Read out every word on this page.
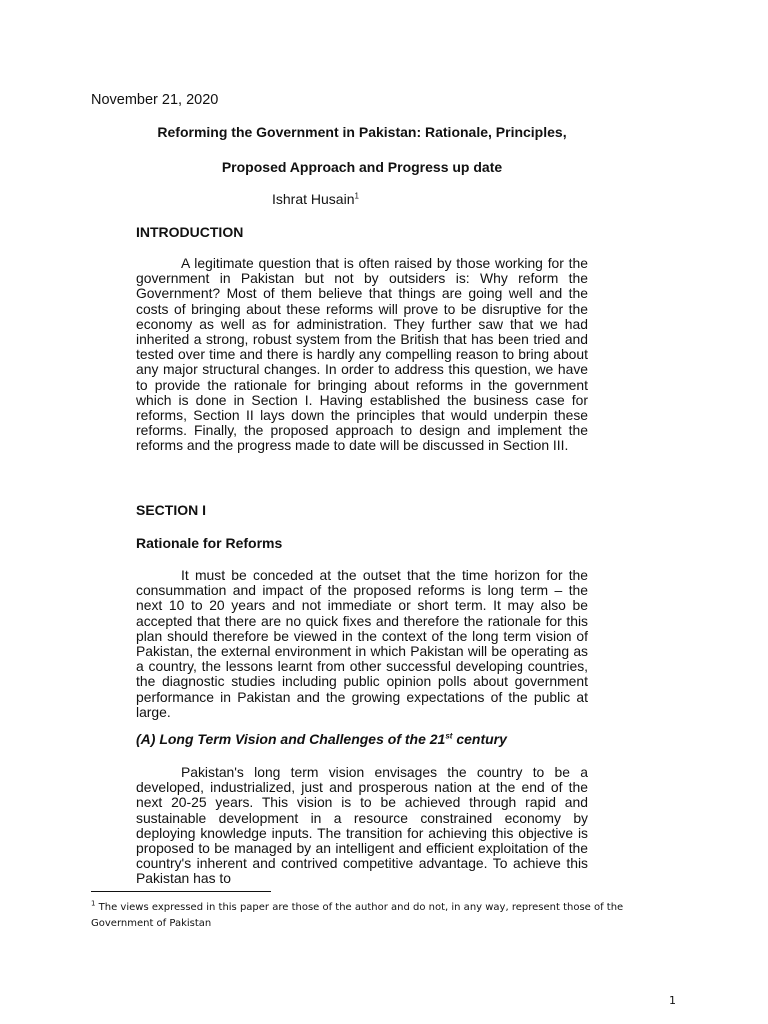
November 21, 2020
Reforming the Government in Pakistan: Rationale, Principles,
Proposed Approach and Progress up date
Ishrat Husain$^1$
INTRODUCTION

A legitimate question that is often raised by those working for the government in Pakistan but not by outsiders is: Why reform the Government? Most of them believe that things are going well and the costs of bringing about these reforms will prove to be disruptive for the economy as well as for administration. They further saw that we had inherited a strong, robust system from the British that has been tried and tested over time and there is hardly any compelling reason to bring about any major structural changes. In order to address this question, we have to provide the rationale for bringing about reforms in the government which is done in Section I. Having established the business case for reforms, Section II lays down the principles that would underpin these reforms. Finally, the proposed approach to design and implement the reforms and the progress made to date will be discussed in Section III.

SECTION I
Rationale for Reforms

It must be conceded at the outset that the time horizon for the consummation and impact of the proposed reforms is long term – the next 10 to 20 years and not immediate or short term. It may also be accepted that there are no quick fixes and therefore the rationale for this plan should therefore be viewed in the context of the long term vision of Pakistan, the external environment in which Pakistan will be operating as a country, the lessons learnt from other successful developing countries, the diagnostic studies including public opinion polls about government performance in Pakistan and the growing expectations of the public at large.

(A) Long Term Vision and Challenges of the 21st century

Pakistan's long term vision envisages the country to be a developed, industrialized, just and prosperous nation at the end of the next 20-25 years. This vision is to be achieved through rapid and sustainable development in a resource constrained economy by deploying knowledge inputs. The transition for achieving this objective is proposed to be managed by an intelligent and efficient exploitation of the country's inherent and contrived competitive advantage. To achieve this Pakistan has to

$^1$ The views expressed in this paper are those of the author and do not, in any way, represent those of the Government of Pakistan

1
